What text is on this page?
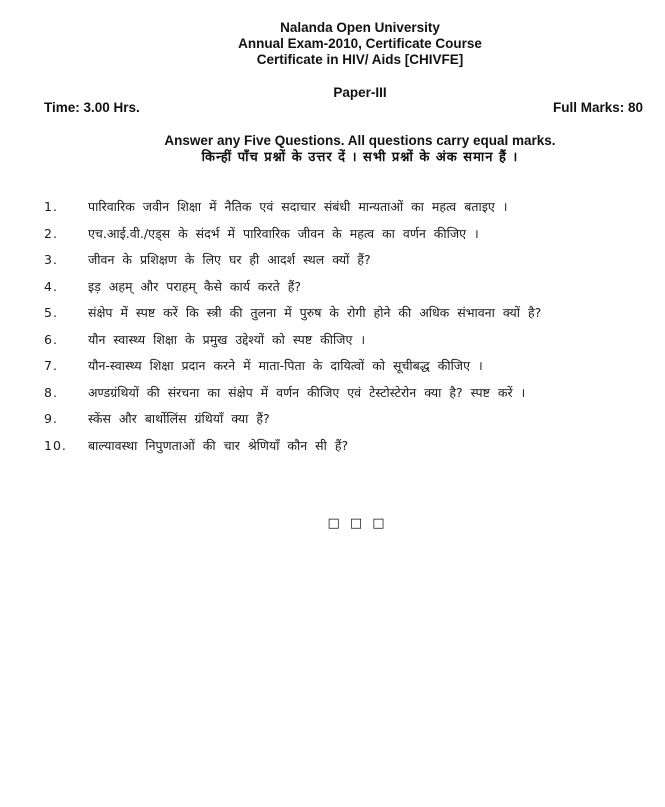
Nalanda Open University
Annual Exam-2010, Certificate Course
Certificate in HIV/ Aids [CHIVFE]
Paper-III
Time: 3.00 Hrs.	Full Marks: 80
Answer any Five Questions. All questions carry equal marks.
किन्हीं पाँच प्रश्नों के उत्तर दें । सभी प्रश्नों के अंक समान हैं ।
1. पारिवारिक जवीन शिक्षा में नैतिक एवं सदाचार संबंधी मान्यताओं का महत्व बताइए ।
2. एच.आई.वी./एड्स के संदर्भ में पारिवारिक जीवन के महत्व का वर्णन कीजिए ।
3. जीवन के प्रशिक्षण के लिए घर ही आदर्श स्थल क्यों हैं?
4. इड़ अहम् और पराहम् कैसे कार्य करते हैं?
5. संक्षेप में स्पष्ट करें कि स्त्री की तुलना में पुरुष के रोगी होने की अधिक संभावना क्यों है?
6. यौन स्वास्थ्य शिक्षा के प्रमुख उद्देश्यों को स्पष्ट कीजिए ।
7. यौन-स्वास्थ्य शिक्षा प्रदान करने में माता-पिता के दायित्वों को सूचीबद्ध कीजिए ।
8. अण्डग्रंथियों की संरचना का संक्षेप में वर्णन कीजिए एवं टेस्टोस्टेरोन क्या है? स्पष्ट करें ।
9. स्केंस और बार्थोलिंस ग्रंथियाँ क्या हैं?
10. बाल्यावस्था निपुणताओं की चार श्रेणियाँ कौन सी हैं?
□ □ □
